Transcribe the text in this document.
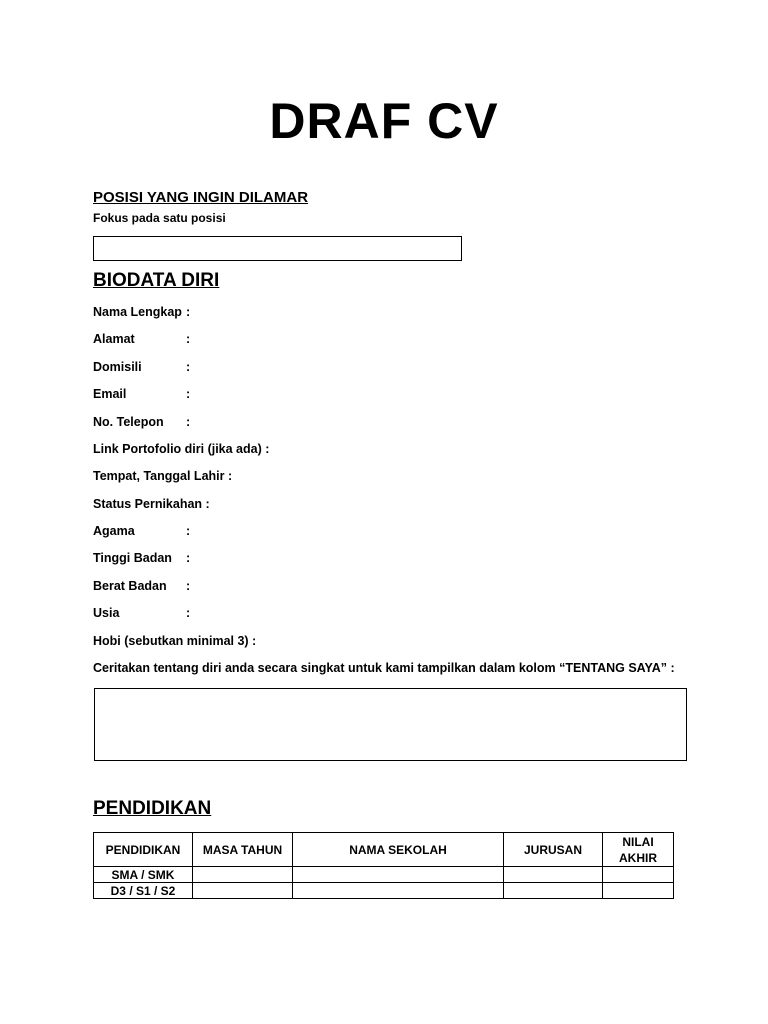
DRAF CV
POSISI YANG INGIN DILAMAR
Fokus pada satu posisi
BIODATA DIRI
Nama Lengkap :
Alamat	:
Domisili	:
Email	:
No. Telepon :
Link Portofolio diri (jika ada) :
Tempat, Tanggal Lahir :
Status Pernikahan :
Agama	:
Tinggi Badan :
Berat Badan :
Usia	:
Hobi (sebutkan minimal 3) :
Ceritakan tentang diri anda secara singkat untuk kami tampilkan dalam kolom “TENTANG SAYA” :
PENDIDIKAN
PENDIDIKAN	MASA TAHUN	NAMA SEKOLAH	JURUSAN	NILAI AKHIR
SMA / SMK				
D3 / S1 / S2				
